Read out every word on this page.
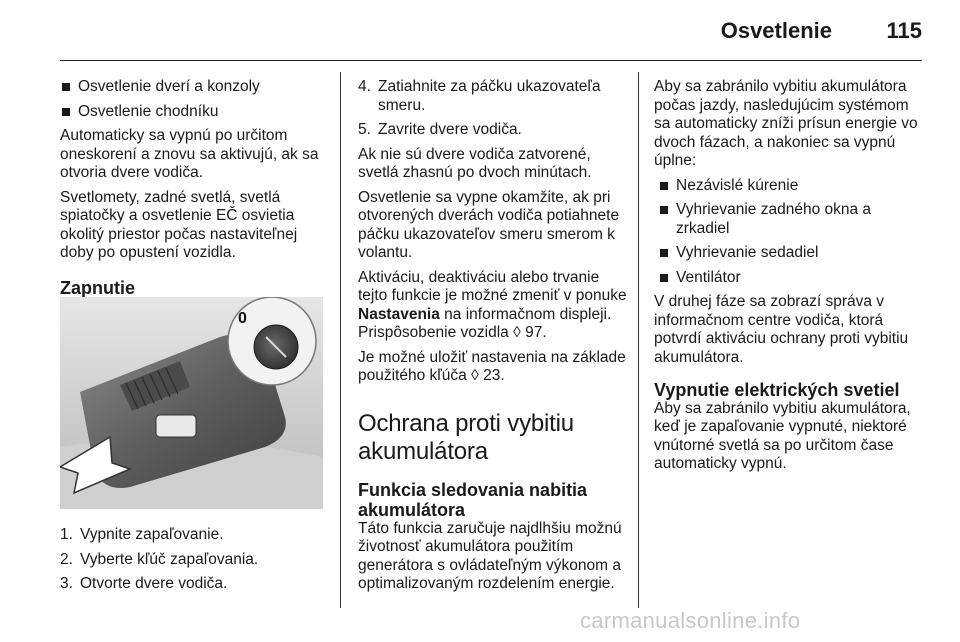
Osvetlenie 115
Osvetlenie dverí a konzoly
Osvetlenie chodníku

Automaticky sa vypnú po určitom oneskorení a znovu sa aktivujú, ak sa otvoria dvere vodiča.

Svetlomety, zadné svetlá, svetlá spiatočky a osvetlenie EČ osvietia okolitý priestor počas nastaviteľnej doby po opustení vozidla.

Zapnutie
0
1. Vypnite zapaľovanie.
2. Vyberte kľúč zapaľovania.
3. Otvorte dvere vodiča.
4. Zatiahnite za páčku ukazovateľa smeru.
5. Zavrite dvere vodiča.

Ak nie sú dvere vodiča zatvorené, svetlá zhasnú po dvoch minútach.

Osvetlenie sa vypne okamžite, ak pri otvorených dverách vodiča potiahnete páčku ukazovateľov smeru smerom k volantu.

Aktiváciu, deaktiváciu alebo trvanie tejto funkcie je možné zmeniť v ponuke Nastavenia na informačnom displeji. Prispôsobenie vozidla ◊ 97.

Je možné uložiť nastavenia na základe použitého kľúča ◊ 23.

Ochrana proti vybitiu akumulátora
Funkcia sledovania nabitia akumulátora

Táto funkcia zaručuje najdlhšiu možnú životnosť akumulátora použitím generátora s ovládateľným výkonom a optimalizovaným rozdelením energie.

Aby sa zabránilo vybitiu akumulátora počas jazdy, nasledujúcim systémom sa automaticky zníži prísun energie vo dvoch fázach, a nakoniec sa vypnú úplne:

Nezávislé kúrenie
Vyhrievanie zadného okna a zrkadiel
Vyhrievanie sedadiel
Ventilátor

V druhej fáze sa zobrazí správa v informačnom centre vodiča, ktorá potvrdí aktiváciu ochrany proti vybitiu akumulátora.

Vypnutie elektrických svetiel

Aby sa zabránilo vybitiu akumulátora, keď je zapaľovanie vypnuté, niektoré vnútorné svetlá sa po určitom čase automaticky vypnú.

carmanualsonline.info
